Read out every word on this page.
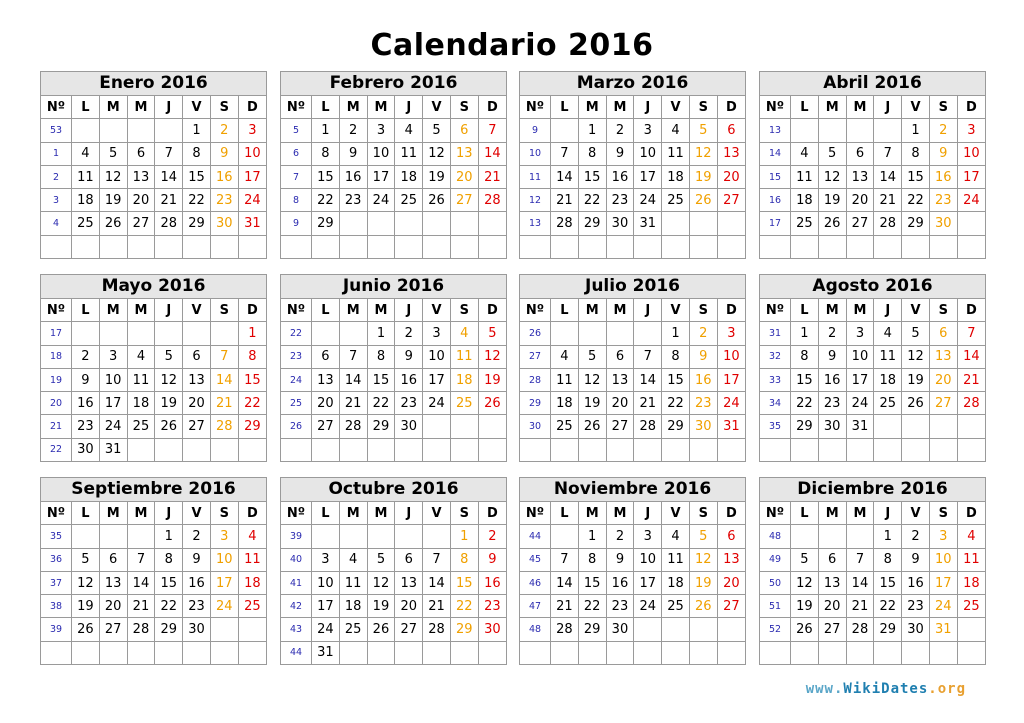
Calendario 2016
Enero 2016
Nº	L	M	M	J	V	S	D
53					1	2	3
1	4	5	6	7	8	9	10
2	11	12	13	14	15	16	17
3	18	19	20	21	22	23	24
4	25	26	27	28	29	30	31

Febrero 2016
Nº	L	M	M	J	V	S	D
5	1	2	3	4	5	6	7
6	8	9	10	11	12	13	14
7	15	16	17	18	19	20	21
8	22	23	24	25	26	27	28
9	29						

Marzo 2016
Nº	L	M	M	J	V	S	D
9		1	2	3	4	5	6
10	7	8	9	10	11	12	13
11	14	15	16	17	18	19	20
12	21	22	23	24	25	26	27
13	28	29	30	31			

Abril 2016
Nº	L	M	M	J	V	S	D
13					1	2	3
14	4	5	6	7	8	9	10
15	11	12	13	14	15	16	17
16	18	19	20	21	22	23	24
17	25	26	27	28	29	30	

Mayo 2016
Nº	L	M	M	J	V	S	D
17							1
18	2	3	4	5	6	7	8
19	9	10	11	12	13	14	15
20	16	17	18	19	20	21	22
21	23	24	25	26	27	28	29
22	30	31					
Junio 2016
Nº	L	M	M	J	V	S	D
22			1	2	3	4	5
23	6	7	8	9	10	11	12
24	13	14	15	16	17	18	19
25	20	21	22	23	24	25	26
26	27	28	29	30			

Julio 2016
Nº	L	M	M	J	V	S	D
26					1	2	3
27	4	5	6	7	8	9	10
28	11	12	13	14	15	16	17
29	18	19	20	21	22	23	24
30	25	26	27	28	29	30	31

Agosto 2016
Nº	L	M	M	J	V	S	D
31	1	2	3	4	5	6	7
32	8	9	10	11	12	13	14
33	15	16	17	18	19	20	21
34	22	23	24	25	26	27	28
35	29	30	31				

Septiembre 2016
Nº	L	M	M	J	V	S	D
35				1	2	3	4
36	5	6	7	8	9	10	11
37	12	13	14	15	16	17	18
38	19	20	21	22	23	24	25
39	26	27	28	29	30		

Octubre 2016
Nº	L	M	M	J	V	S	D
39						1	2
40	3	4	5	6	7	8	9
41	10	11	12	13	14	15	16
42	17	18	19	20	21	22	23
43	24	25	26	27	28	29	30
44	31						
Noviembre 2016
Nº	L	M	M	J	V	S	D
44		1	2	3	4	5	6
45	7	8	9	10	11	12	13
46	14	15	16	17	18	19	20
47	21	22	23	24	25	26	27
48	28	29	30				

Diciembre 2016
Nº	L	M	M	J	V	S	D
48				1	2	3	4
49	5	6	7	8	9	10	11
50	12	13	14	15	16	17	18
51	19	20	21	22	23	24	25
52	26	27	28	29	30	31	

www.WikiDates.org
